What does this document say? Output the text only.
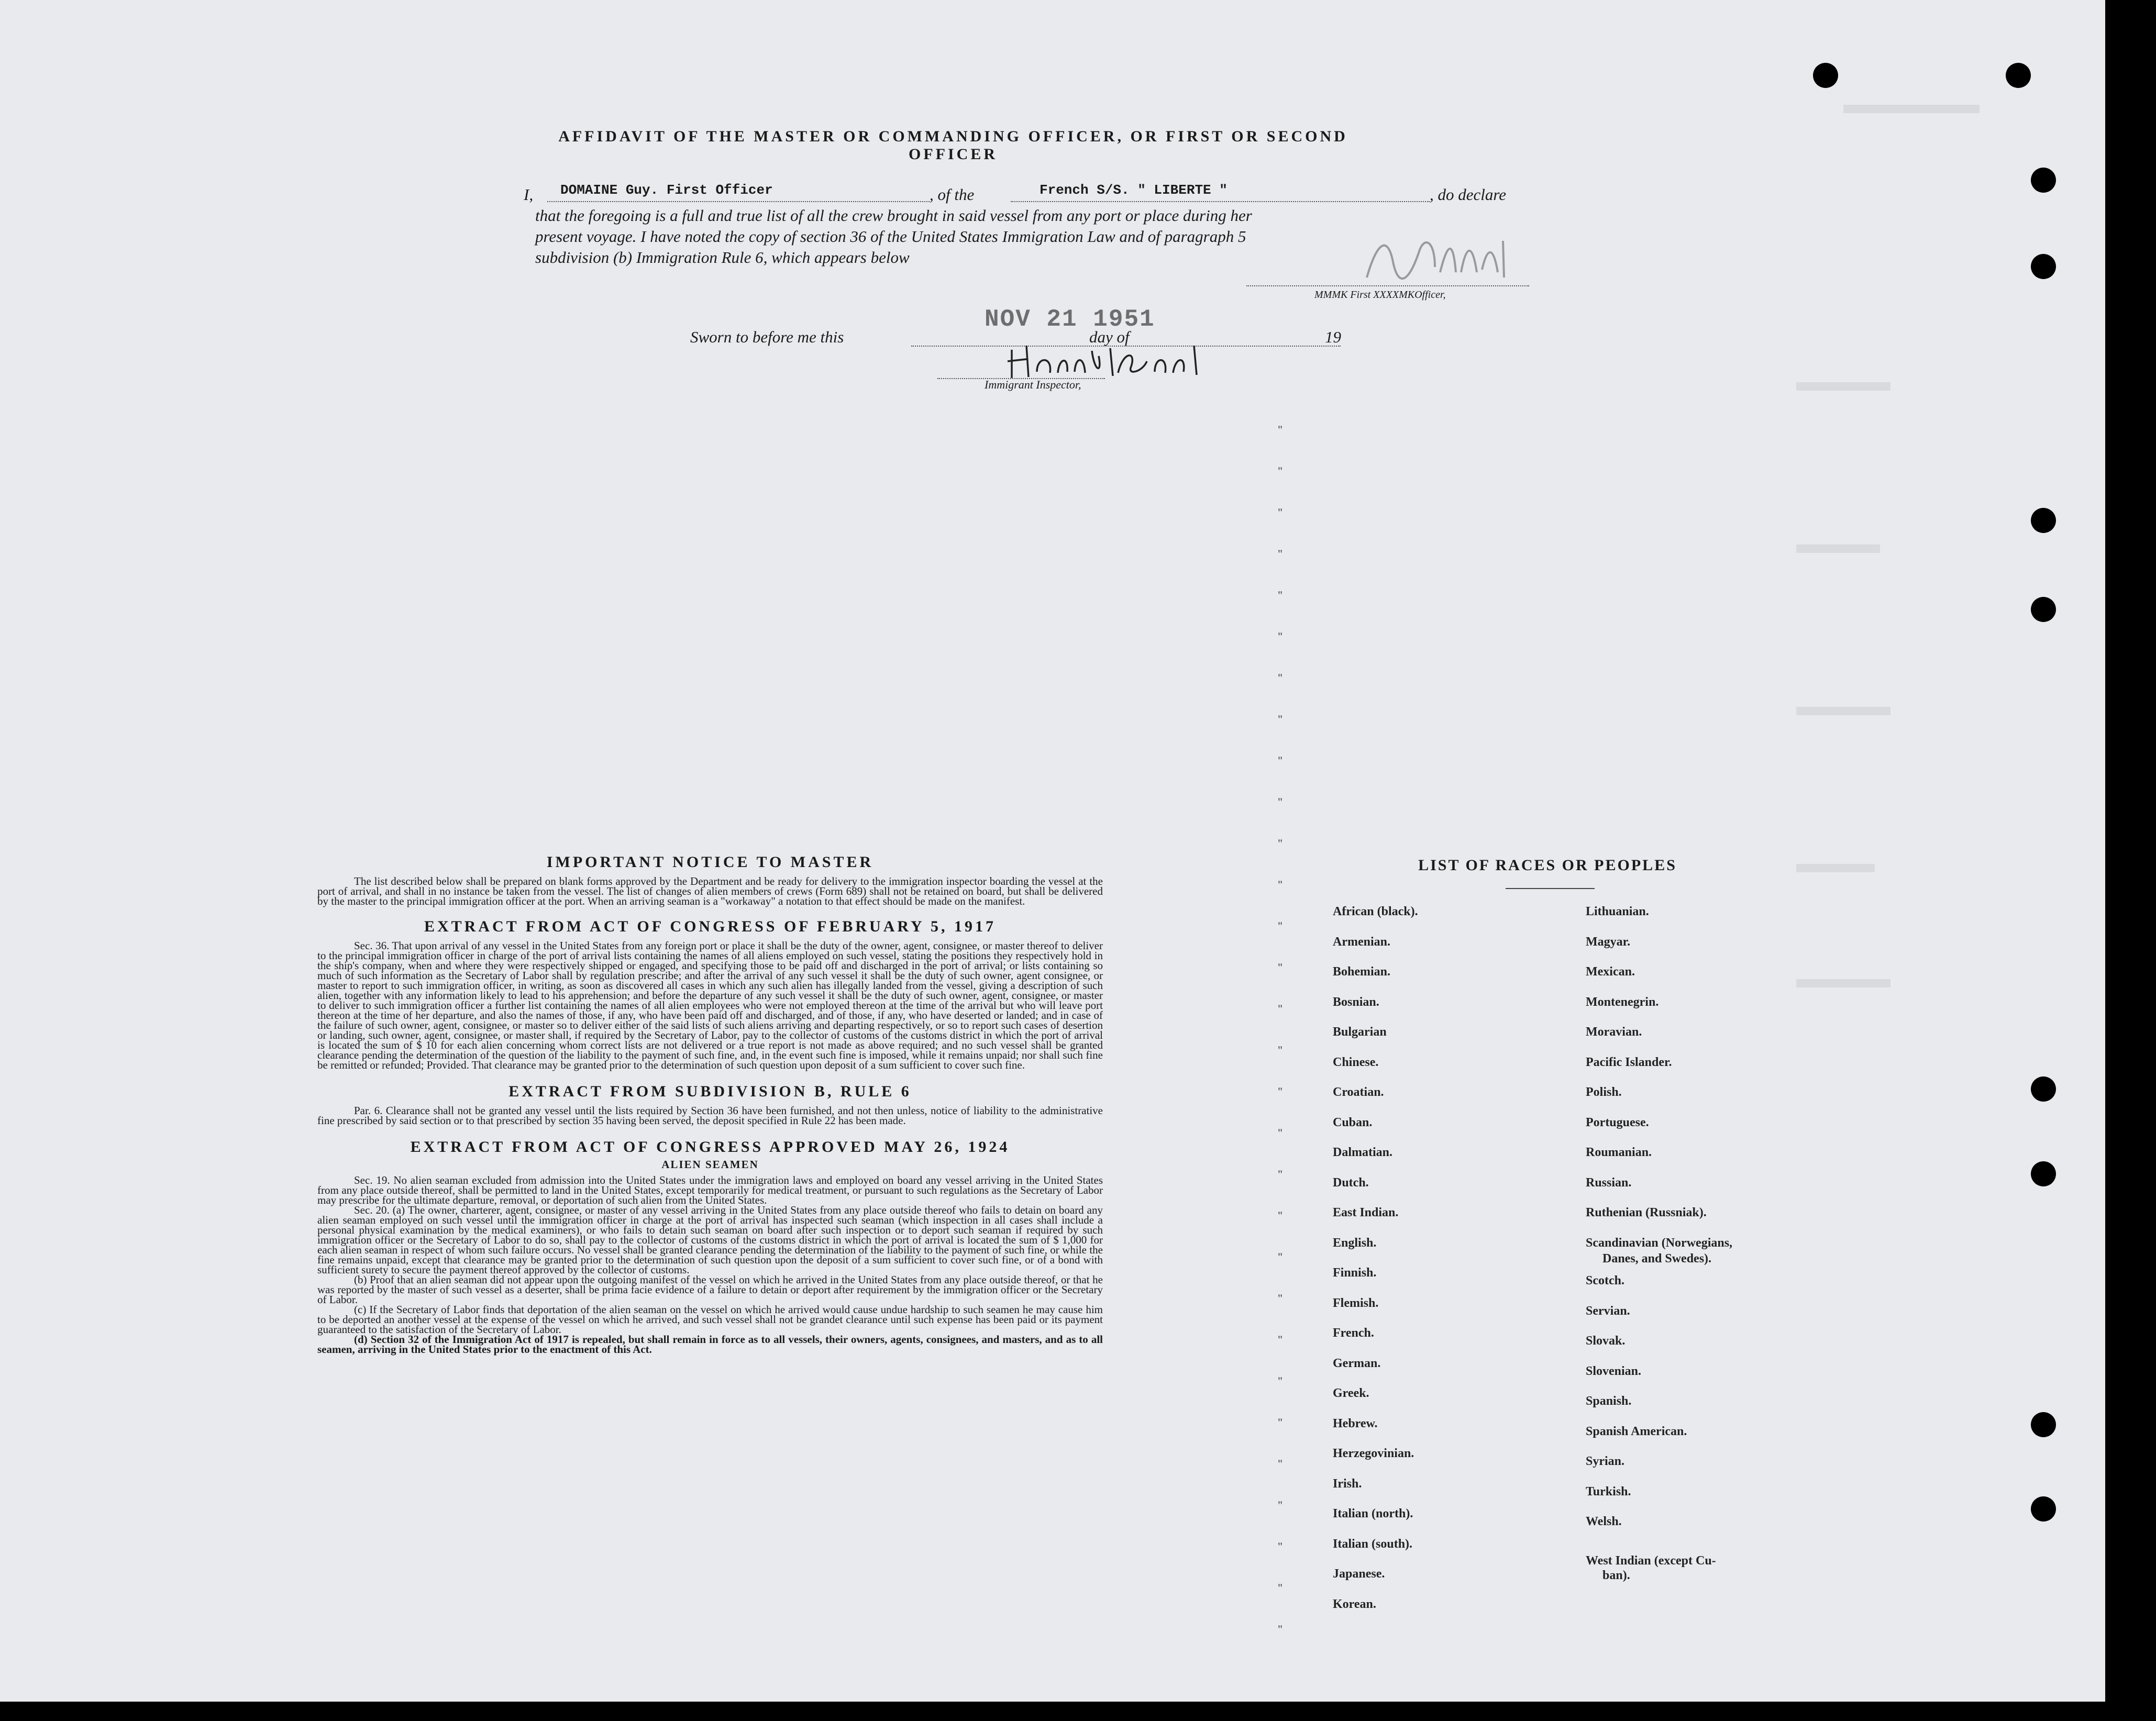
AFFIDAVIT OF THE MASTER OR COMMANDING OFFICER, OR FIRST OR SECOND OFFICER
I, DOMAINE Guy. First Officer	, of the	French S/S. " LIBERTE "	, do declare
that the foregoing is a full and true list of all the crew brought in said vessel from any port or place during her
present voyage. I have noted the copy of section 36 of the United States Immigration Law and of paragraph 5
subdivision (b) Immigration Rule 6, which appears below
MMMK First XXXXMKOfficer,
Sworn to before me this
NOV 21 1951
day of	19
Immigrant Inspector,
"
"
"
"
"
"
"
"
"
"
"
"
"
"
"
"
"
"
"
"
"
"
"
"
"
"
"
"
"
"
IMPORTANT NOTICE TO MASTER

The list described below shall be prepared on blank forms approved by the Department and be ready for delivery to the immigration inspector boarding the vessel at the port of arrival, and shall in no instance be taken from the vessel. The list of changes of alien members of crews (Form 689) shall not be retained on board, but shall be delivered by the master to the principal immigration officer at the port. When an arriving seaman is a "workaway" a notation to that effect should be made on the manifest.

EXTRACT FROM ACT OF CONGRESS OF FEBRUARY 5, 1917

Sec. 36. That upon arrival of any vessel in the United States from any foreign port or place it shall be the duty of the owner, agent, consignee, or master thereof to deliver to the principal immigration officer in charge of the port of arrival lists containing the names of all aliens employed on such vessel, stating the positions they respectively hold in the ship's company, when and where they were respectively shipped or engaged, and specifying those to be paid off and discharged in the port of arrival; or lists containing so much of such information as the Secretary of Labor shall by regulation prescribe; and after the arrival of any such vessel it shall be the duty of such owner, agent consignee, or master to report to such immigration officer, in writing, as soon as discovered all cases in which any such alien has illegally landed from the vessel, giving a description of such alien, together with any information likely to lead to his apprehension; and before the departure of any such vessel it shall be the duty of such owner, agent, consignee, or master to deliver to such immigration officer a further list containing the names of all alien employees who were not employed thereon at the time of the arrival but who will leave port thereon at the time of her departure, and also the names of those, if any, who have been paid off and discharged, and of those, if any, who have deserted or landed; and in case of the failure of such owner, agent, consignee, or master so to deliver either of the said lists of such aliens arriving and departing respectively, or so to report such cases of desertion or landing, such owner, agent, consignee, or master shall, if required by the Secretary of Labor, pay to the collector of customs of the customs district in which the port of arrival is located the sum of $ 10 for each alien concerning whom correct lists are not delivered or a true report is not made as above required; and no such vessel shall be granted clearance pending the determination of the question of the liability to the payment of such fine, and, in the event such fine is imposed, while it remains unpaid; nor shall such fine be remitted or refunded; Provided. That clearance may be granted prior to the determination of such question upon deposit of a sum sufficient to cover such fine.

EXTRACT FROM SUBDIVISION B, RULE 6

Par. 6. Clearance shall not be granted any vessel until the lists required by Section 36 have been furnished, and not then unless, notice of liability to the administrative fine prescribed by said section or to that prescribed by section 35 having been served, the deposit specified in Rule 22 has been made.

EXTRACT FROM ACT OF CONGRESS APPROVED MAY 26, 1924
ALIEN SEAMEN

Sec. 19. No alien seaman excluded from admission into the United States under the immigration laws and employed on board any vessel arriving in the United States from any place outside thereof, shall be permitted to land in the United States, except temporarily for medical treatment, or pursuant to such regulations as the Secretary of Labor may prescribe for the ultimate departure, removal, or deportation of such alien from the United States.

Sec. 20. (a) The owner, charterer, agent, consignee, or master of any vessel arriving in the United States from any place outside thereof who fails to detain on board any alien seaman employed on such vessel until the immigration officer in charge at the port of arrival has inspected such seaman (which inspection in all cases shall include a personal physical examination by the medical examiners), or who fails to detain such seaman on board after such inspection or to deport such seaman if required by such immigration officer or the Secretary of Labor to do so, shall pay to the collector of customs of the customs district in which the port of arrival is located the sum of $ 1,000 for each alien seaman in respect of whom such failure occurs. No vessel shall be granted clearance pending the determination of the liability to the payment of such fine, or while the fine remains unpaid, except that clearance may be granted prior to the determination of such question upon the deposit of a sum sufficient to cover such fine, or of a bond with sufficient surety to secure the payment thereof approved by the collector of customs.

(b) Proof that an alien seaman did not appear upon the outgoing manifest of the vessel on which he arrived in the United States from any place outside thereof, or that he was reported by the master of such vessel as a deserter, shall be prima facie evidence of a failure to detain or deport after requirement by the immigration officer or the Secretary of Labor.

(c) If the Secretary of Labor finds that deportation of the alien seaman on the vessel on which he arrived would cause undue hardship to such seamen he may cause him to be deported an another vessel at the expense of the vessel on which he arrived, and such vessel shall not be grandet clearance until such expense has been paid or its payment guaranteed to the satisfaction of the Secretary of Labor.

(d) Section 32 of the Immigration Act of 1917 is repealed, but shall remain in force as to all vessels, their owners, agents, consignees, and masters, and as to all seamen, arriving in the United States prior to the enactment of this Act.

LIST OF RACES OR PEOPLES
African (black).
Armenian.
Bohemian.
Bosnian.
Bulgarian
Chinese.
Croatian.
Cuban.
Dalmatian.
Dutch.
East Indian.
English.
Finnish.
Flemish.
French.
German.
Greek.
Hebrew.
Herzegovinian.
Irish.
Italian (north).
Italian (south).
Japanese.
Korean.
Lithuanian.
Magyar.
Mexican.
Montenegrin.
Moravian.
Pacific Islander.
Polish.
Portuguese.
Roumanian.
Russian.
Ruthenian (Russniak).
Scandinavian (Norwegians,
Danes, and Swedes).
Scotch.
Servian.
Slovak.
Slovenian.
Spanish.
Spanish American.
Syrian.
Turkish.
Welsh.
West Indian (except Cu-
ban).
